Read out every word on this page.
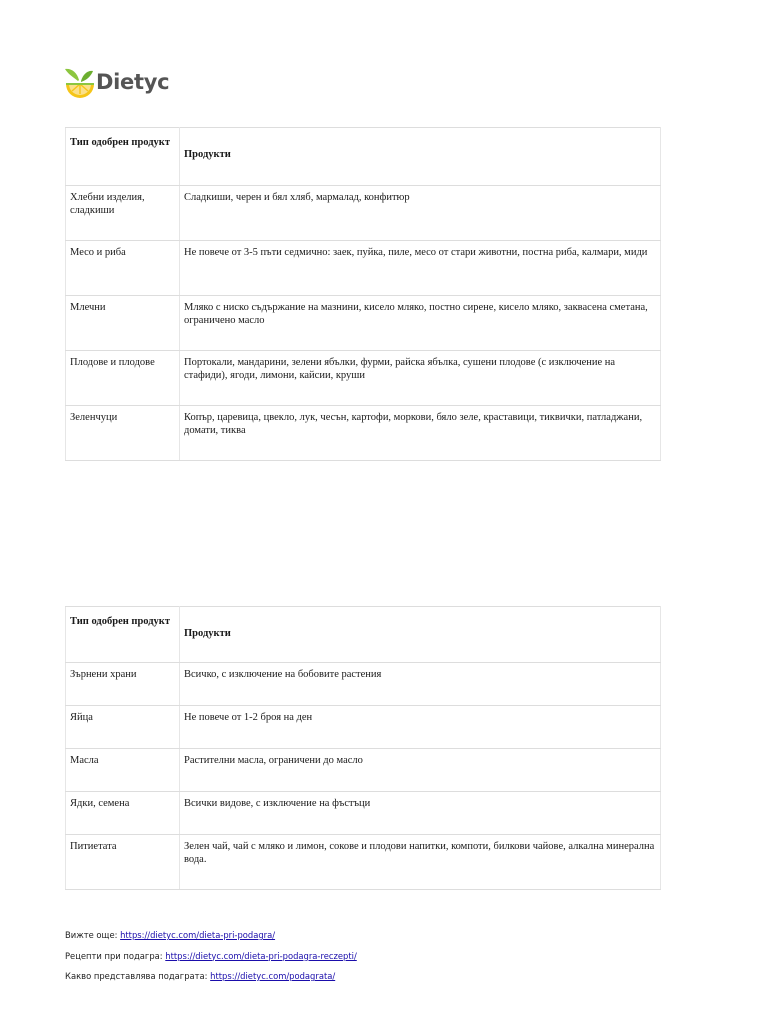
Dietyc
Тип одобрен продукт	Продукти
Хлебни изделия, сладкиши	Сладкиши, черен и бял хляб, мармалад, конфитюр
Месо и риба	Не повече от 3-5 пъти седмично: заек, пуйка, пиле, месо от стари животни, постна риба, калмари, миди
Млечни	Мляко с ниско съдържание на мазнини, кисело мляко, постно сирене, кисело мляко, заквасена сметана, ограничено масло
Плодове и плодове	Портокали, мандарини, зелени ябълки, фурми, райска ябълка, сушени плодове (с изключение на стафиди), ягоди, лимони, кайсии, круши
Зеленчуци	Копър, царевица, цвекло, лук, чесън, картофи, моркови, бяло зеле, краставици, тиквички, патладжани, домати, тиква
Тип одобрен продукт	Продукти
Зърнени храни	Всичко, с изключение на бобовите растения
Яйца	Не повече от 1-2 броя на ден
Масла	Растителни масла, ограничени до масло
Ядки, семена	Всички видове, с изключение на фъстъци
Питиетата	Зелен чай, чай с мляко и лимон, сокове и плодови напитки, компоти, билкови чайове, алкална минерална вода.
Вижте още: https://dietyc.com/dieta-pri-podagra/
Рецепти при подагра: https://dietyc.com/dieta-pri-podagra-reczepti/
Какво представлява подаграта: https://dietyc.com/podagrata/
